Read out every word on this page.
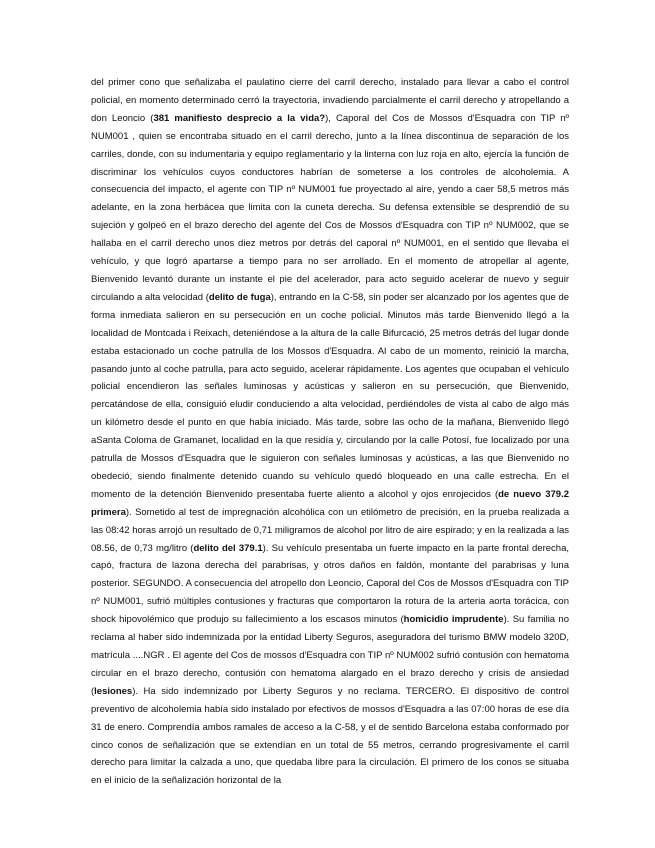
del primer cono que señalizaba el paulatino cierre del carril derecho, instalado para llevar a cabo el control policial, en momento determinado cerró la trayectoria, invadiendo parcialmente el carril derecho y atropellando a don Leoncio (381 manifiesto desprecio a la vida?), Caporal del Cos de Mossos d'Esquadra con TIP nº NUM001 , quien se encontraba situado en el carril derecho, junto a la línea discontinua de separación de los carriles, donde, con su indumentaria y equipo reglamentario y la linterna con luz roja en alto, ejercía la función de discriminar los vehículos cuyos conductores habrían de someterse a los controles de alcoholemia. A consecuencia del impacto, el agente con TIP nº NUM001 fue proyectado al aire, yendo a caer 58,5 metros más adelante, en la zona herbácea que limita con la cuneta derecha. Su defensa extensible se desprendió de su sujeción y golpeó en el brazo derecho del agente del Cos de Mossos d'Esquadra con TIP nº NUM002, que se hallaba en el carril derecho unos diez metros por detrás del caporal nº NUM001, en el sentido que llevaba el vehículo, y que logró apartarse a tiempo para no ser arrollado. En el momento de atropellar al agente, Bienvenido levantó durante un instante el pie del acelerador, para acto seguido acelerar de nuevo y seguir circulando a alta velocidad (delito de fuga), entrando en la C-58, sin poder ser alcanzado por los agentes que de forma inmediata salieron en su persecución en un coche policial. Minutos más tarde Bienvenido llegó a la localidad de Montcada i Reixach, deteniéndose a la altura de la calle Bifurcació, 25 metros detrás del lugar donde estaba estacionado un coche patrulla de los Mossos d'Esquadra. Al cabo de un momento, reinició la marcha, pasando junto al coche patrulla, para acto seguido, acelerar rápidamente. Los agentes que ocupaban el vehículo policial encendieron las señales luminosas y acústicas y salieron en su persecución, que Bienvenido, percatándose de ella, consiguió eludir conduciendo a alta velocidad, perdiéndoles de vista al cabo de algo más un kilómetro desde el punto en que había iniciado. Más tarde, sobre las ocho de la mañana, Bienvenido llegó aSanta Coloma de Gramanet, localidad en la que residía y, circulando por la calle Potosí, fue localizado por una patrulla de Mossos d'Esquadra que le siguieron con señales luminosas y acústicas, a las que Bienvenido no obedeció, siendo finalmente detenido cuando su vehículo quedó bloqueado en una calle estrecha. En el momento de la detención Bienvenido presentaba fuerte aliento a alcohol y ojos enrojecidos (de nuevo 379.2 primera). Sometido al test de impregnación alcohólica con un etilómetro de precisión, en la prueba realizada a las 08:42 horas arrojó un resultado de 0,71 miligramos de alcohol por litro de aire espirado; y en la realizada a las 08.56, de 0,73 mg/litro (delito del 379.1). Su vehículo presentaba un fuerte impacto en la parte frontal derecha, capó, fractura de lazona derecha del parabrisas, y otros daños en faldón, montante del parabrisas y luna posterior. SEGUNDO. A consecuencia del atropello don Leoncio, Caporal del Cos de Mossos d'Esquadra con TIP nº NUM001, sufrió múltiples contusiones y fracturas que comportaron la rotura de la arteria aorta torácica, con shock hipovolémico que produjo su fallecimiento a los escasos minutos (homicidio imprudente). Su familia no reclama al haber sido indemnizada por la entidad Liberty Seguros, aseguradora del turismo BMW modelo 320D, matrícula ....NGR . El agente del Cos de mossos d'Esquadra con TIP nº NUM002 sufrió contusión con hematoma circular en el brazo derecho, contusión con hematoma alargado en el brazo derecho y crisis de ansiedad (lesiones). Ha sido indemnizado por Liberty Seguros y no reclama. TERCERO. El dispositivo de control preventivo de alcoholemia había sido instalado por efectivos de mossos d'Esquadra a las 07:00 horas de ese día 31 de enero. Comprendía ambos ramales de acceso a la C-58, y el de sentido Barcelona estaba conformado por cinco conos de señalización que se extendían en un total de 55 metros, cerrando progresivamente el carril derecho para limitar la calzada a uno, que quedaba libre para la circulación. El primero de los conos se situaba en el inicio de la señalización horizontal de la
